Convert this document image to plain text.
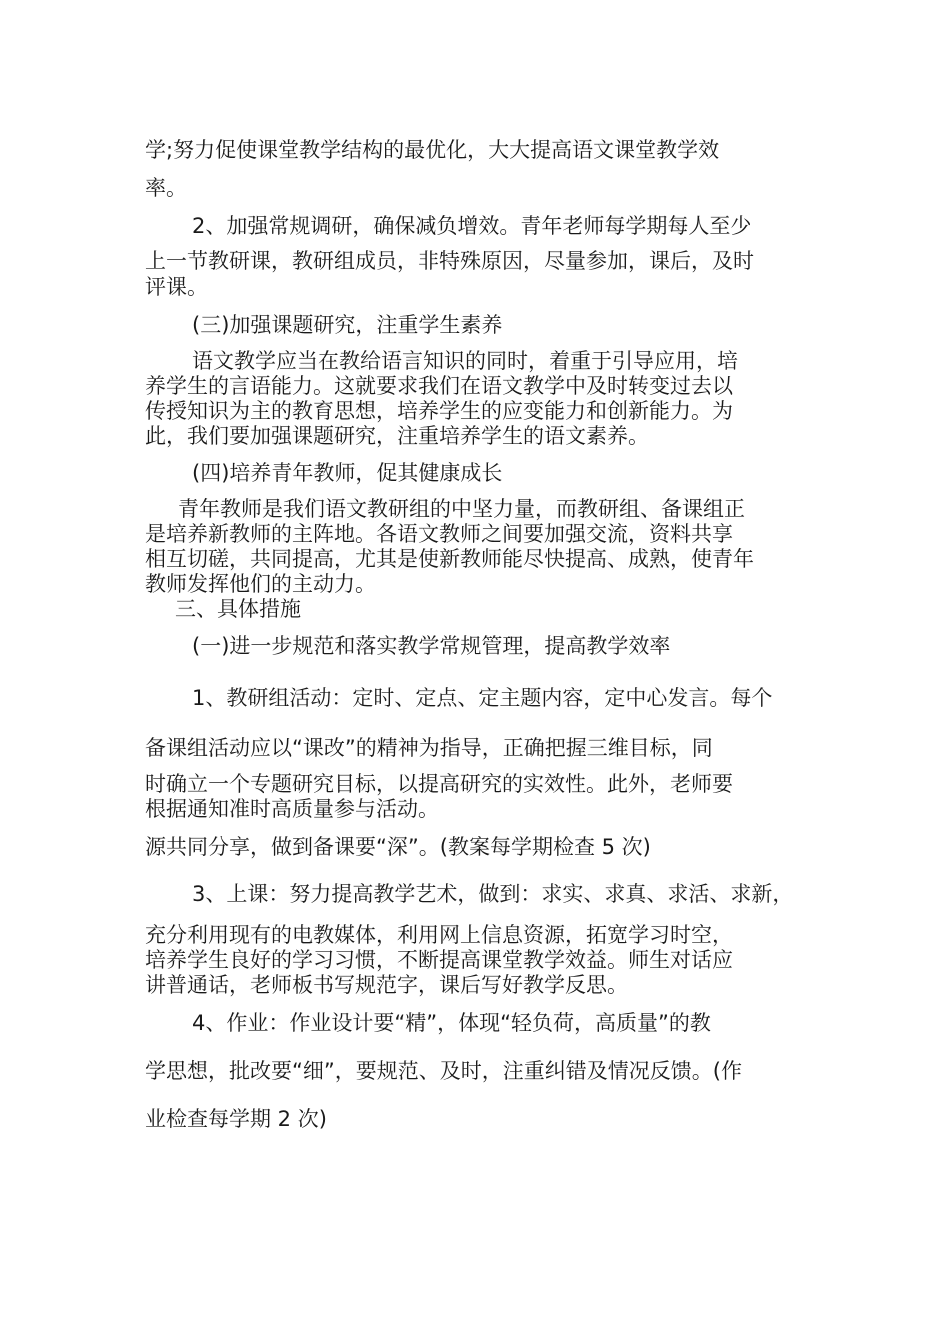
学;努力促使课堂教学结构的最优化，大大提高语文课堂教学效
率。
2、加强常规调研，确保减负增效。青年老师每学期每人至少
上一节教研课，教研组成员，非特殊原因，尽量参加，课后，及时
评课。
(三)加强课题研究，注重学生素养
语文教学应当在教给语言知识的同时，着重于引导应用，培
养学生的言语能力。这就要求我们在语文教学中及时转变过去以
传授知识为主的教育思想，培养学生的应变能力和创新能力。为
此，我们要加强课题研究，注重培养学生的语文素养。
(四)培养青年教师，促其健康成长
青年教师是我们语文教研组的中坚力量，而教研组、备课组正
是培养新教师的主阵地。各语文教师之间要加强交流，资料共享
相互切磋，共同提高，尤其是使新教师能尽快提高、成熟，使青年
教师发挥他们的主动力。
三、具体措施
(一)进一步规范和落实教学常规管理，提高教学效率
1、教研组活动：定时、定点、定主题内容，定中心发言。每个
备课组活动应以“课改”的精神为指导，正确把握三维目标，同
时确立一个专题研究目标，以提高研究的实效性。此外，老师要
根据通知准时高质量参与活动。
源共同分享，做到备课要“深”。(教案每学期检查 5 次)
3、上课：努力提高教学艺术，做到：求实、求真、求活、求新，
充分利用现有的电教媒体，利用网上信息资源，拓宽学习时空，
培养学生良好的学习习惯，不断提高课堂教学效益。师生对话应
讲普通话，老师板书写规范字，课后写好教学反思。
4、作业：作业设计要“精”，体现“轻负荷，高质量”的教
学思想，批改要“细”，要规范、及时，注重纠错及情况反馈。(作
业检查每学期 2 次)
